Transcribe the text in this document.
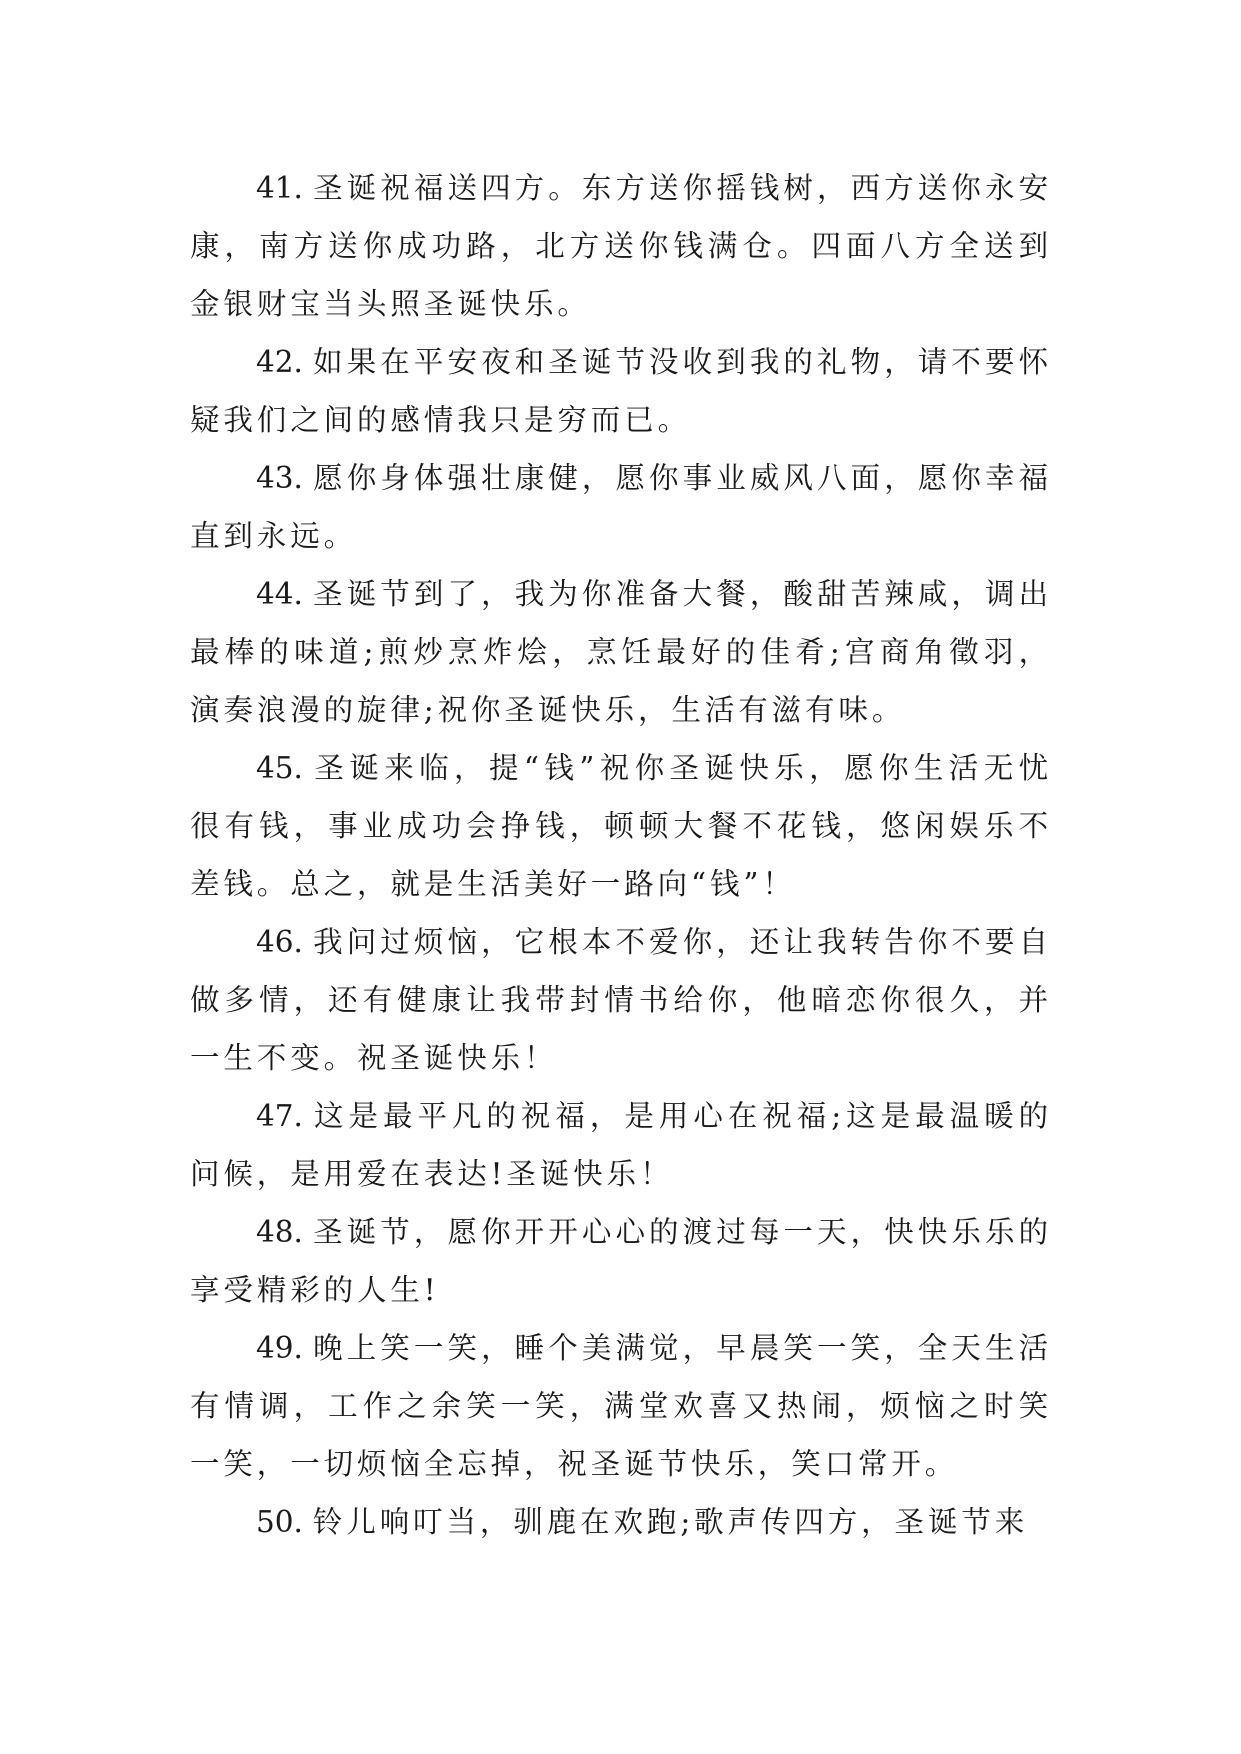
41. 圣诞祝福送四方。东方送你摇钱树，西方送你永安康，南方送你成功路，北方送你钱满仓。四面八方全送到金银财宝当头照圣诞快乐。

42. 如果在平安夜和圣诞节没收到我的礼物，请不要怀疑我们之间的感情我只是穷而已。

43. 愿你身体强壮康健，愿你事业威风八面，愿你幸福直到永远。

44. 圣诞节到了，我为你准备大餐，酸甜苦辣咸，调出最棒的味道;煎炒烹炸烩，烹饪最好的佳肴;宫商角徵羽，演奏浪漫的旋律;祝你圣诞快乐，生活有滋有味。

45. 圣诞来临，提“钱”祝你圣诞快乐，愿你生活无忧很有钱，事业成功会挣钱，顿顿大餐不花钱，悠闲娱乐不差钱。总之，就是生活美好一路向“钱”！

46. 我问过烦恼，它根本不爱你，还让我转告你不要自做多情，还有健康让我带封情书给你，他暗恋你很久，并一生不变。祝圣诞快乐！

47. 这是最平凡的祝福，是用心在祝福;这是最温暖的问候，是用爱在表达!圣诞快乐！

48. 圣诞节，愿你开开心心的渡过每一天，快快乐乐的享受精彩的人生!

49. 晚上笑一笑，睡个美满觉，早晨笑一笑，全天生活有情调，工作之余笑一笑，满堂欢喜又热闹，烦恼之时笑一笑，一切烦恼全忘掉，祝圣诞节快乐，笑口常开。

50. 铃儿响叮当，驯鹿在欢跑;歌声传四方，圣诞节来
